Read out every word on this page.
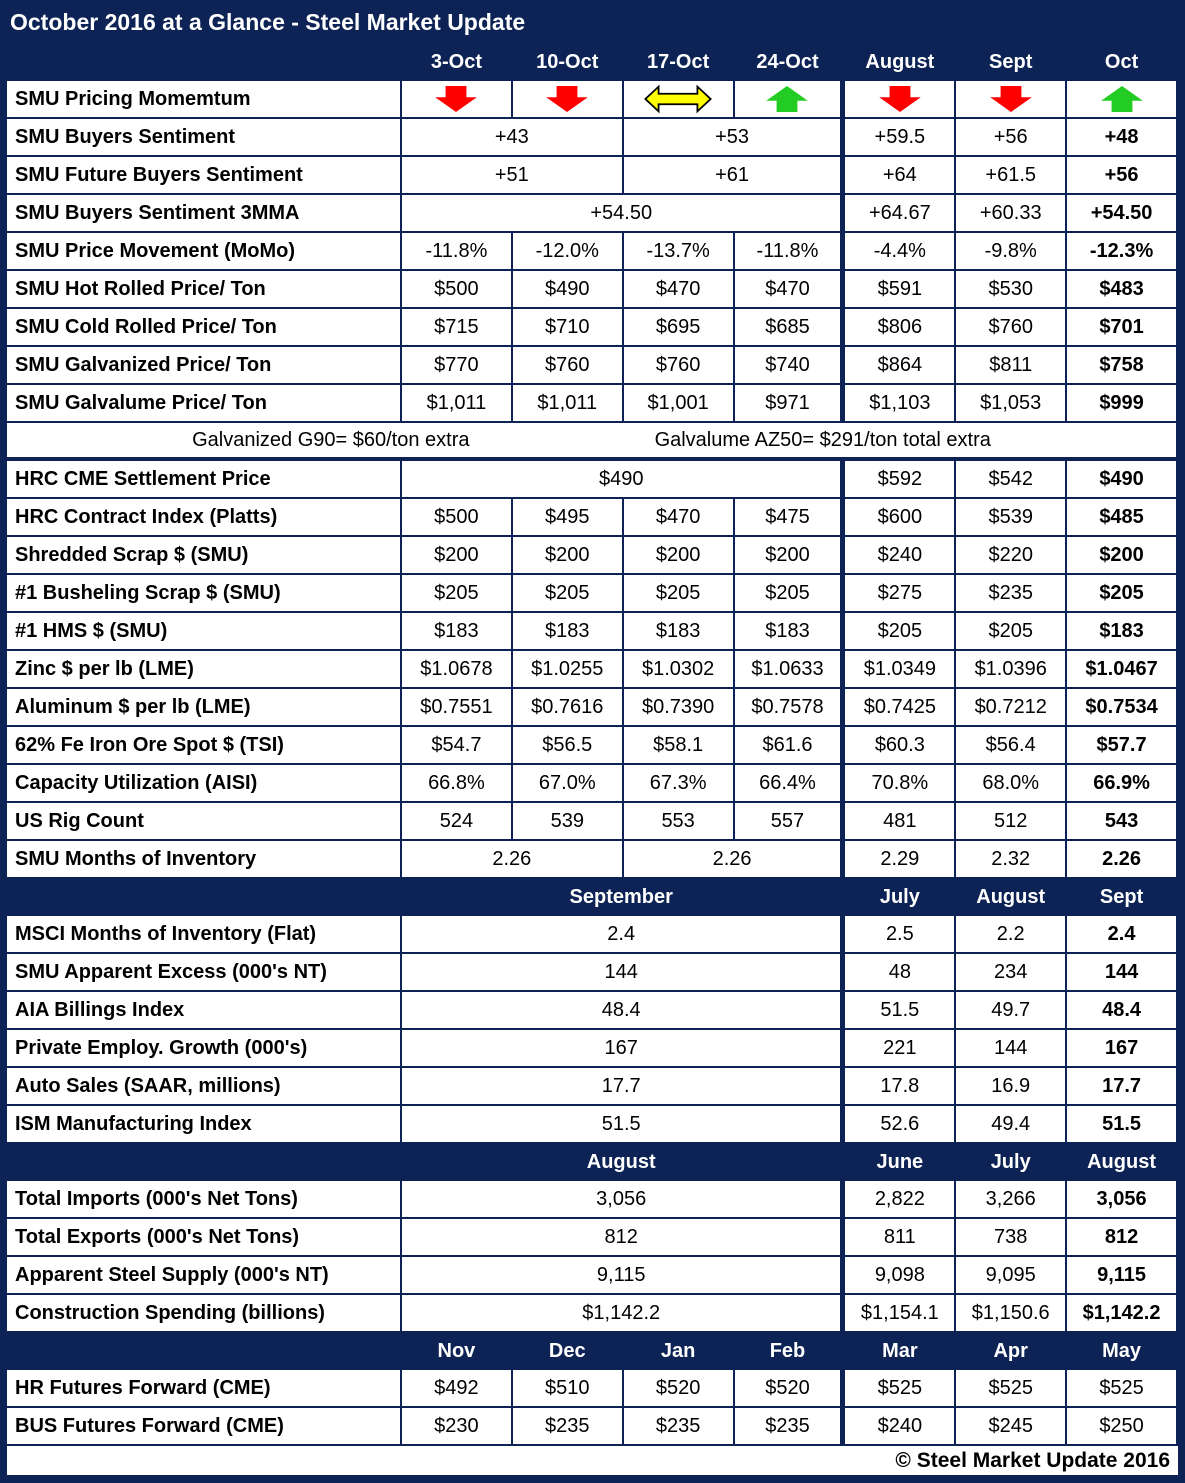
October 2016 at a Glance - Steel Market Update
3-Oct	10-Oct	17-Oct	24-Oct	August	Sept	Oct
SMU Pricing Momemtum
SMU Buyers Sentiment	+43	+53	+59.5	+56	+48
SMU Future Buyers Sentiment	+51	+61	+64	+61.5	+56
SMU Buyers Sentiment 3MMA	+54.50	+64.67	+60.33	+54.50
SMU Price Movement (MoMo)	-11.8%	-12.0%	-13.7%	-11.8%	-4.4%	-9.8%	-12.3%
SMU Hot Rolled Price/ Ton	$500	$490	$470	$470	$591	$530	$483
SMU Cold Rolled Price/ Ton	$715	$710	$695	$685	$806	$760	$701
SMU Galvanized Price/ Ton	$770	$760	$760	$740	$864	$811	$758
SMU Galvalume Price/ Ton	$1,011	$1,011	$1,001	$971	$1,103	$1,053	$999
Galvanized G90= $60/ton extra	Galvalume AZ50= $291/ton total extra
HRC CME Settlement Price	$490	$592	$542	$490
HRC Contract Index (Platts)	$500	$495	$470	$475	$600	$539	$485
Shredded Scrap $ (SMU)	$200	$200	$200	$200	$240	$220	$200
#1 Busheling Scrap $ (SMU)	$205	$205	$205	$205	$275	$235	$205
#1 HMS $ (SMU)	$183	$183	$183	$183	$205	$205	$183
Zinc $ per lb (LME)	$1.0678	$1.0255	$1.0302	$1.0633	$1.0349	$1.0396	$1.0467
Aluminum $ per lb (LME)	$0.7551	$0.7616	$0.7390	$0.7578	$0.7425	$0.7212	$0.7534
62% Fe Iron Ore Spot $ (TSI)	$54.7	$56.5	$58.1	$61.6	$60.3	$56.4	$57.7
Capacity Utilization (AISI)	66.8%	67.0%	67.3%	66.4%	70.8%	68.0%	66.9%
US Rig Count	524	539	553	557	481	512	543
SMU Months of Inventory	2.26	2.26	2.29	2.32	2.26
September	July	August	Sept
MSCI Months of Inventory (Flat)	2.4	2.5	2.2	2.4
SMU Apparent Excess (000's NT)	144	48	234	144
AIA Billings Index	48.4	51.5	49.7	48.4
Private Employ. Growth (000's)	167	221	144	167
Auto Sales (SAAR, millions)	17.7	17.8	16.9	17.7
ISM Manufacturing Index	51.5	52.6	49.4	51.5
August	June	July	August
Total Imports (000's Net Tons)	3,056	2,822	3,266	3,056
Total Exports (000's Net Tons)	812	811	738	812
Apparent Steel Supply (000's NT)	9,115	9,098	9,095	9,115
Construction Spending (billions)	$1,142.2	$1,154.1	$1,150.6	$1,142.2
Nov	Dec	Jan	Feb	Mar	Apr	May
HR Futures Forward (CME)	$492	$510	$520	$520	$525	$525	$525
BUS Futures Forward (CME)	$230	$235	$235	$235	$240	$245	$250
© Steel Market Update 2016
